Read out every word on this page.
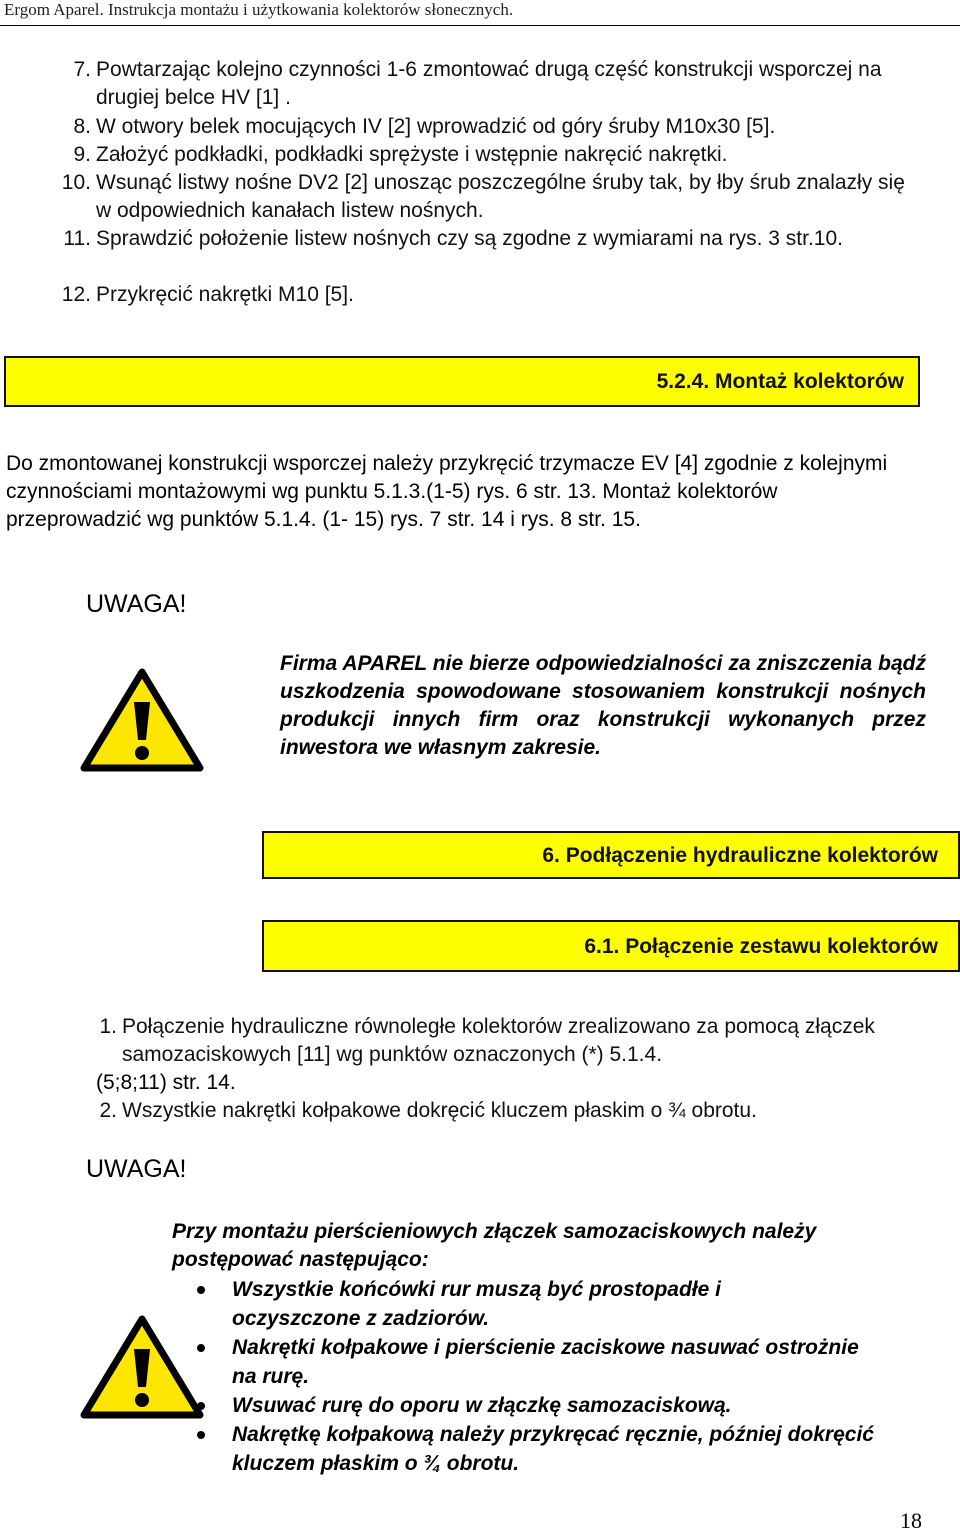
Ergom Aparel. Instrukcja montażu i użytkowania kolektorów słonecznych.
7. Powtarzając kolejno czynności 1-6 zmontować drugą część konstrukcji wsporczej na drugiej belce HV [1] .
8. W otwory belek mocujących IV [2] wprowadzić od góry śruby M10x30 [5].
9. Założyć podkładki, podkładki sprężyste i wstępnie nakręcić nakrętki.
10. Wsunąć listwy nośne DV2 [2] unosząc poszczególne śruby tak, by łby śrub znalazły się w odpowiednich kanałach listew nośnych.
11. Sprawdzić położenie listew nośnych czy są zgodne z wymiarami na rys. 3 str.10.
12. Przykręcić nakrętki M10 [5].
5.2.4. Montaż kolektorów
Do zmontowanej konstrukcji wsporczej należy przykręcić trzymacze EV [4] zgodnie z kolejnymi czynnościami montażowymi wg punktu 5.1.3.(1-5) rys. 6 str. 13. Montaż kolektorów przeprowadzić wg punktów 5.1.4. (1- 15) rys. 7 str. 14 i rys. 8 str. 15.
UWAGA!
Firma APAREL nie bierze odpowiedzialności za zniszczenia bądź uszkodzenia spowodowane stosowaniem konstrukcji nośnych produkcji innych firm oraz konstrukcji wykonanych przez inwestora we własnym zakresie.
6. Podłączenie hydrauliczne kolektorów
6.1. Połączenie zestawu kolektorów
1. Połączenie hydrauliczne równoległe kolektorów zrealizowano za pomocą złączek samozaciskowych [11] wg punktów oznaczonych (*) 5.1.4.
(5;8;11) str. 14.
2. Wszystkie nakrętki kołpakowe dokręcić kluczem płaskim o ¾ obrotu.
UWAGA!
Przy montażu pierścieniowych złączek samozaciskowych należy postępować następująco:
Wszystkie końcówki rur muszą być prostopadłe i oczyszczone z zadziorów.
Nakrętki kołpakowe i pierścienie zaciskowe nasuwać ostrożnie na rurę.
Wsuwać rurę do oporu w złączkę samozaciskową.
Nakrętkę kołpakową należy przykręcać ręcznie, później dokręcić kluczem płaskim o ¾ obrotu.
18
